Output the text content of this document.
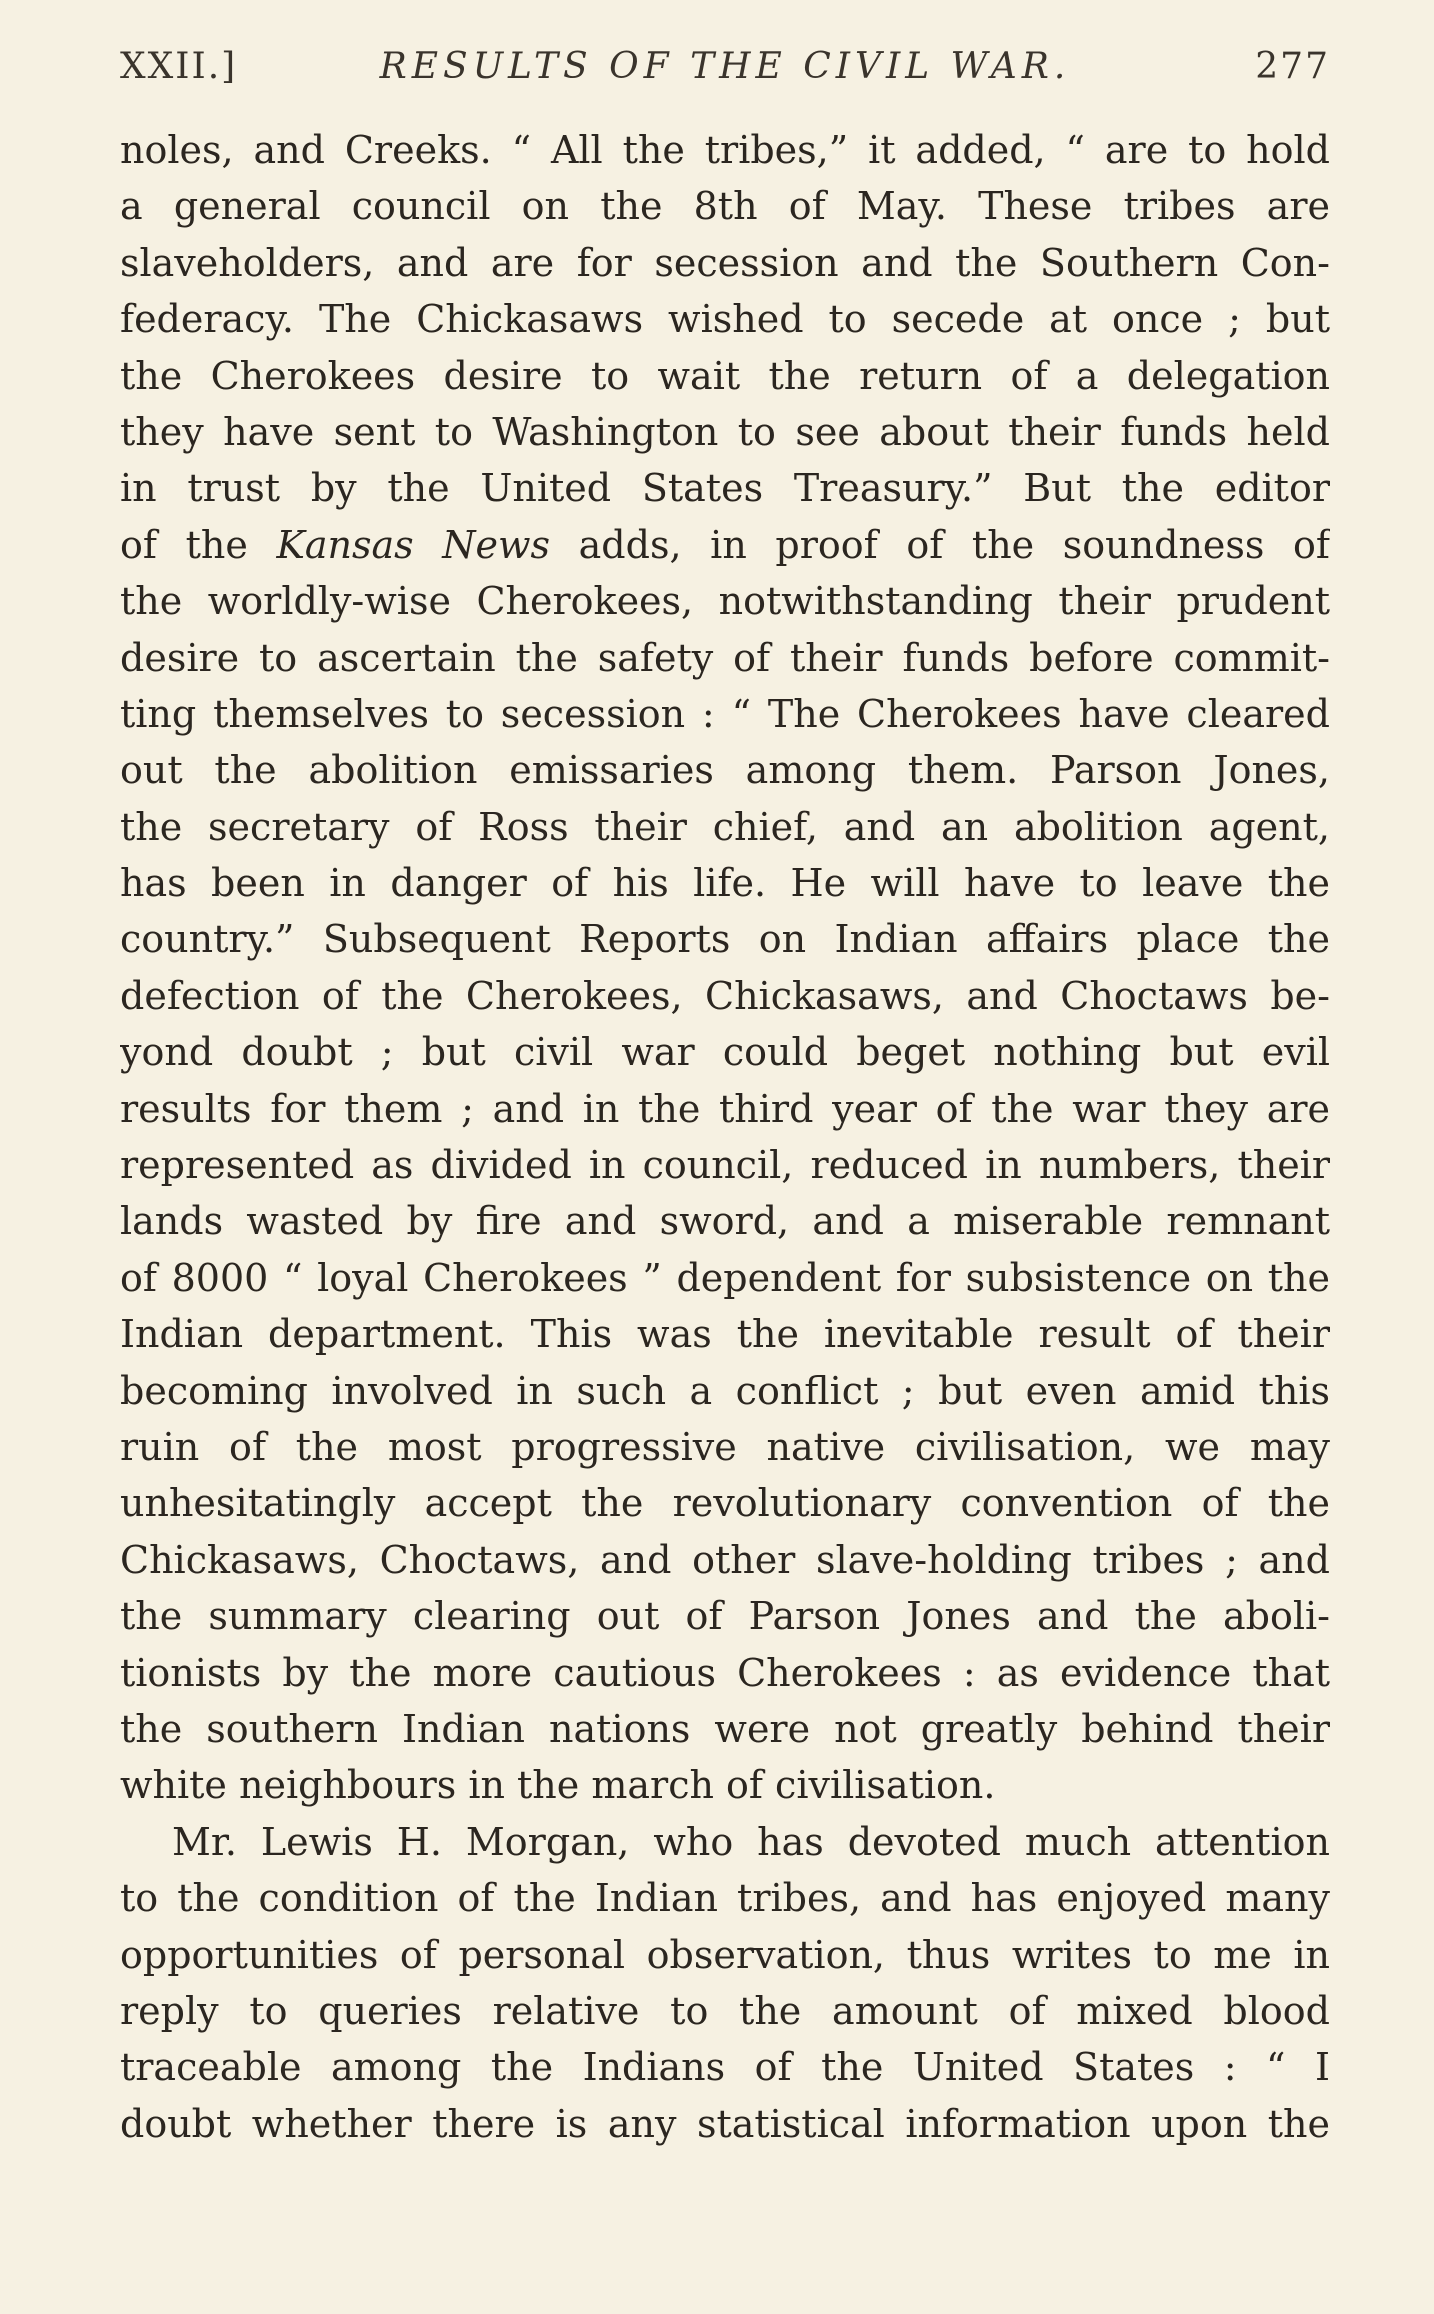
XXII.]	RESULTS OF THE CIVIL WAR.	277
noles, and Creeks. “ All the tribes,” it added, “ are to hold
a general council on the 8th of May. These tribes are
slaveholders, and are for secession and the Southern Con-
federacy. The Chickasaws wished to secede at once ; but
the Cherokees desire to wait the return of a delegation
they have sent to Washington to see about their funds held
in trust by the United States Treasury.” But the editor
of the Kansas News adds, in proof of the soundness of
the worldly-wise Cherokees, notwithstanding their prudent
desire to ascertain the safety of their funds before commit-
ting themselves to secession : “ The Cherokees have cleared
out the abolition emissaries among them. Parson Jones,
the secretary of Ross their chief, and an abolition agent,
has been in danger of his life. He will have to leave the
country.” Subsequent Reports on Indian affairs place the
defection of the Cherokees, Chickasaws, and Choctaws be-
yond doubt ; but civil war could beget nothing but evil
results for them ; and in the third year of the war they are
represented as divided in council, reduced in numbers, their
lands wasted by fire and sword, and a miserable remnant
of 8000 “ loyal Cherokees ” dependent for subsistence on the
Indian department. This was the inevitable result of their
becoming involved in such a conflict ; but even amid this
ruin of the most progressive native civilisation, we may
unhesitatingly accept the revolutionary convention of the
Chickasaws, Choctaws, and other slave-holding tribes ; and
the summary clearing out of Parson Jones and the aboli-
tionists by the more cautious Cherokees : as evidence that
the southern Indian nations were not greatly behind their
white neighbours in the march of civilisation.
Mr. Lewis H. Morgan, who has devoted much attention
to the condition of the Indian tribes, and has enjoyed many
opportunities of personal observation, thus writes to me in
reply to queries relative to the amount of mixed blood
traceable among the Indians of the United States : “ I
doubt whether there is any statistical information upon the
